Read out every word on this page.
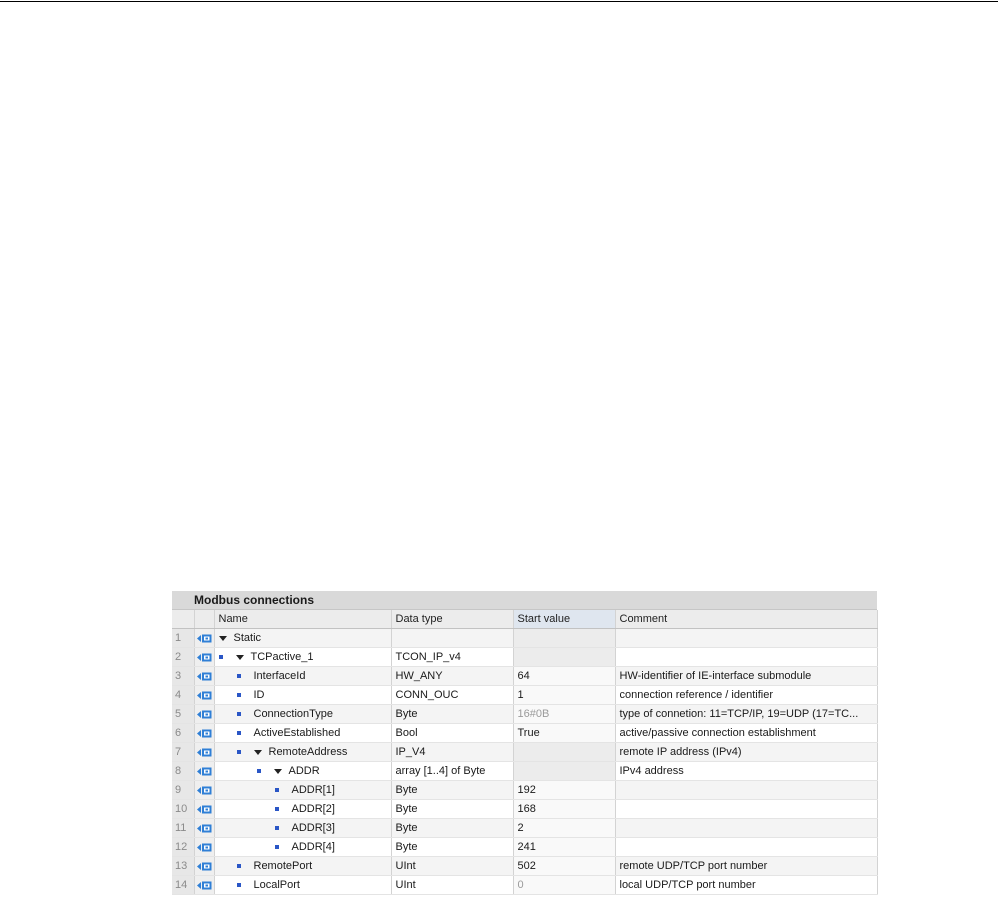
Modbus connections
		Name	Data type	Start value	Comment
1		Static			

2		TCPactive_1	TCON_IP_v4		
3		InterfaceId	HW_ANY	64	HW-identifier of IE-interface submodule
4		ID	CONN_OUC	1	connection reference / identifier
5		ConnectionType	Byte	16#0B	type of connetion: 11=TCP/IP, 19=UDP (17=TC...
6		ActiveEstablished	Bool	True	active/passive connection establishment
7		RemoteAddress	IP_V4		remote IP address (IPv4)
8		ADDR	array [1..4] of Byte		IPv4 address
9		ADDR[1]	Byte	192	
10		ADDR[2]	Byte	168	
11		ADDR[3]	Byte	2	
12		ADDR[4]	Byte	241	
13		RemotePort	UInt	502	remote UDP/TCP port number
14		LocalPort	UInt	0	local UDP/TCP port number
